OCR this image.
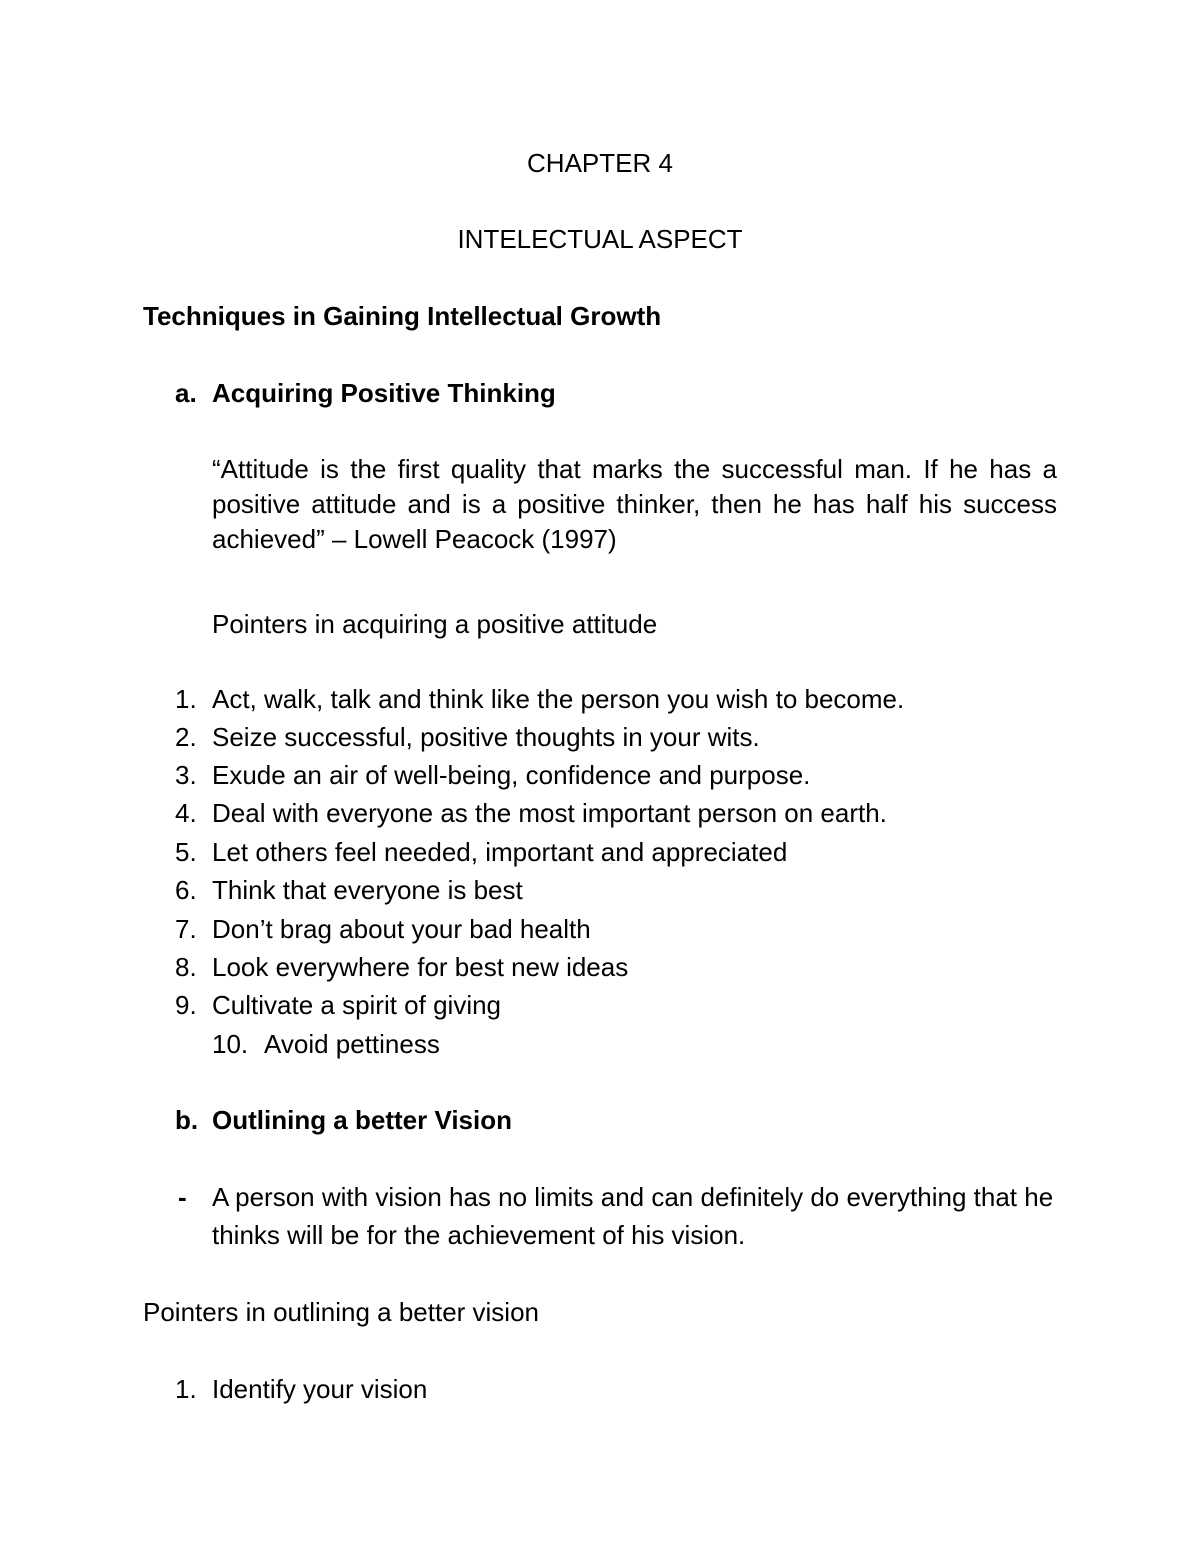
CHAPTER 4
INTELECTUAL ASPECT
Techniques in Gaining Intellectual Growth
a. Acquiring Positive Thinking
“Attitude is the first quality that marks the successful man. If he has a positive attitude and is a positive thinker, then he has half his success achieved” – Lowell Peacock (1997)
Pointers in acquiring a positive attitude
1. Act, walk, talk and think like the person you wish to become.
2. Seize successful, positive thoughts in your wits.
3. Exude an air of well-being, confidence and purpose.
4. Deal with everyone as the most important person on earth.
5. Let others feel needed, important and appreciated
6. Think that everyone is best
7. Don’t brag about your bad health
8. Look everywhere for best new ideas
9. Cultivate a spirit of giving
10. Avoid pettiness
b. Outlining a better Vision
- A person with vision has no limits and can definitely do everything that he thinks will be for the achievement of his vision.
Pointers in outlining a better vision
1. Identify your vision
